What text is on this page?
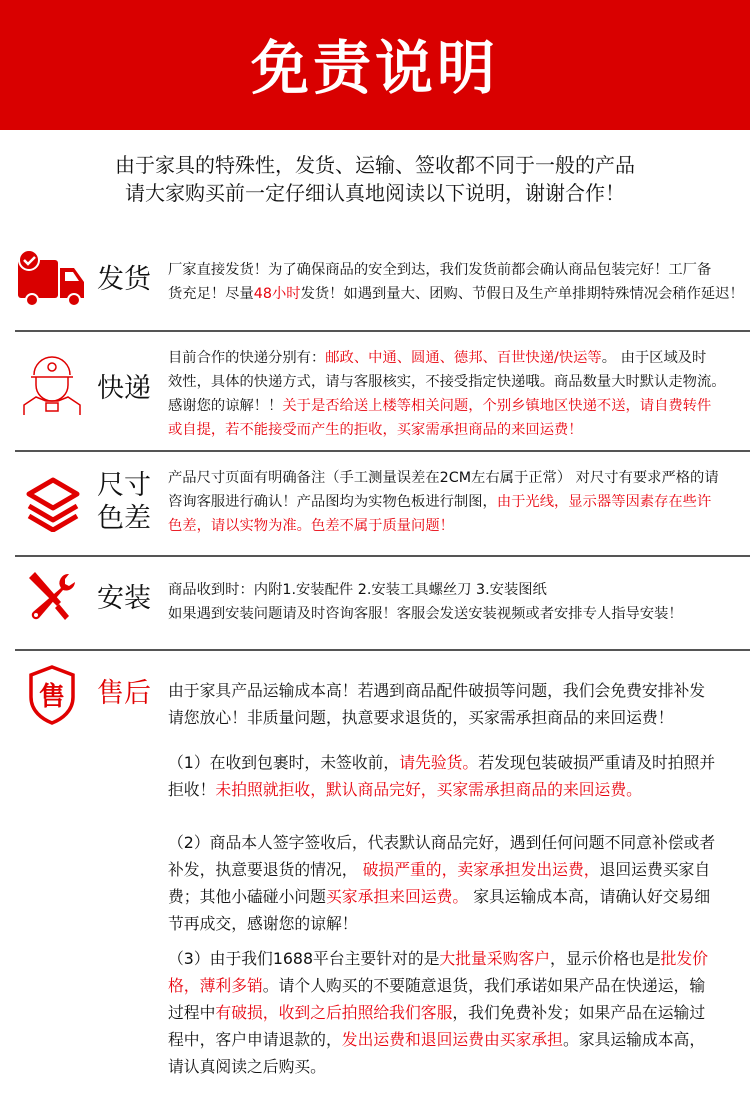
免责说明
由于家具的特殊性，发货、运输、签收都不同于一般的产品
请大家购买前一定仔细认真地阅读以下说明，谢谢合作！
售
发货
快递
尺寸
色差
安装
售后
厂家直接发货！为了确保商品的安全到达，我们发货前都会确认商品包装完好！工厂备
货充足！尽量48小时发货！如遇到量大、团购、节假日及生产单排期特殊情况会稍作延迟！
目前合作的快递分别有：邮政、中通、圆通、德邦、百世快递/快运等。 由于区域及时
效性，具体的快递方式，请与客服核实，不接受指定快递哦。商品数量大时默认走物流。
感谢您的谅解！！关于是否给送上楼等相关问题，个别乡镇地区快递不送，请自费转件
或自提，若不能接受而产生的拒收，买家需承担商品的来回运费！
产品尺寸页面有明确备注（手工测量误差在2CM左右属于正常） 对尺寸有要求严格的请
咨询客服进行确认！产品图均为实物色板进行制图，由于光线，显示器等因素存在些许
色差，请以实物为准。色差不属于质量问题！
商品收到时：内附1.安装配件 2.安装工具螺丝刀 3.安装图纸
如果遇到安装问题请及时咨询客服！客服会发送安装视频或者安排专人指导安装！
由于家具产品运输成本高！若遇到商品配件破损等问题，我们会免费安排补发
请您放心！非质量问题，执意要求退货的，买家需承担商品的来回运费！
（1）在收到包裹时，未签收前，请先验货。若发现包装破损严重请及时拍照并
拒收！未拍照就拒收，默认商品完好，买家需承担商品的来回运费。
（2）商品本人签字签收后，代表默认商品完好，遇到任何问题不同意补偿或者
补发，执意要退货的情况， 破损严重的，卖家承担发出运费，退回运费买家自
费；其他小磕碰小问题买家承担来回运费。 家具运输成本高，请确认好交易细
节再成交，感谢您的谅解！
（3）由于我们1688平台主要针对的是大批量采购客户，显示价格也是批发价
格，薄利多销。请个人购买的不要随意退货，我们承诺如果产品在快递运，输
过程中有破损，收到之后拍照给我们客服，我们免费补发；如果产品在运输过
程中，客户申请退款的，发出运费和退回运费由买家承担。家具运输成本高，
请认真阅读之后购买。
